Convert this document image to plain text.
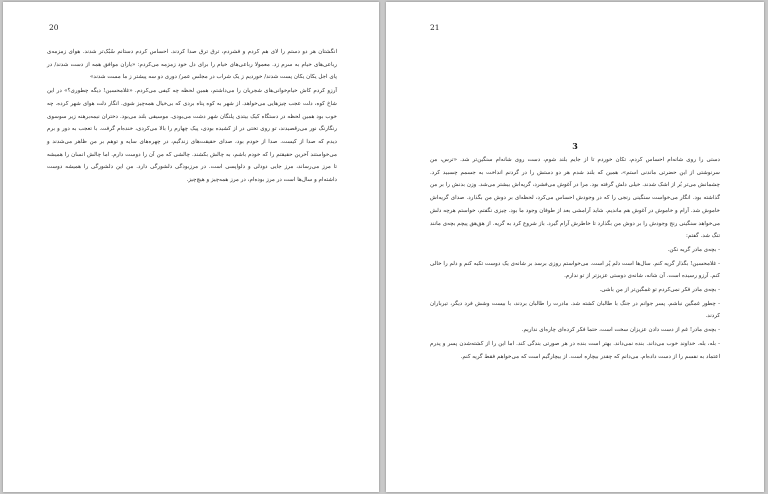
20

انگشتان هر دو دستم را لای هم کردم و فشردم، ترق ترق صدا کردند. احساس کردم دستانم سُبُک‌تر شدند. هوای زمزمه‌ی رباعی‌های خیام به سرم زد. معمولا رباعی‌های خیام را برای دل خود زمزمه می‌کردم: «یاران موافق همه از دست شدند/ در پای اجل یکان یکان پست شدند/ خوردیم ز یک شراب در مجلس عمر/ دوری دو سه پیشتر ز ما مست شدند»

آرزو کردم کاش خیام‌خوانی‌های شجریان را می‌داشتم، همین لحظه چه کیفی می‌کردم. «غلامحسین! دیگه چطوری؟» در این شاخ کوه، دلت عجب چیزهایی می‌خواهد. از شهر به کوه پناه بردی که بی‌خیال همه‌چیز شوی. انگار دلت هوای شهر کرده. چه خوب بود همین لحظه در دستگاه کیک بیتدی پلنگان شهر دشت می‌بودی. موسیقی بلند می‌بود. دختران نیمه‌برهنه زیر سوسوی رنگارنگ نور می‌رقصیدند، تو روی تختی در از کشیده بودی، پیک چهارم را بالا می‌کردی، خنده‌ام گرفت. با تعجب به دور و برم دیدم که صدا از کیست. صدا از خودم بود، صدای حقیقت‌های زندگیم، در چهره‌های سایه و توهم بر من ظاهر می‌شدند و می‌خواستند آخرین حقیقتم را که خودم باشم، به چالش بکشند. چالشی که من آن را دوست دارم. اما چالش انسان را همیشه تا مرز می‌رساند، مرز جایی دودلی و دلواپسی است. در مرزبودگی دلشورگی دارد. من این دلشورگی را همیشه دوست داشته‌ام و سال‌ها است در مرز بوده‌ام، در مرز همه‌چیز و هیچ‌چیز.

21
3

دستی را روی شانه‌ام احساس کردم، تکان خوردم تا از جایم بلند شوم، دست روی شانه‌ام سنگین‌تر شد. «ترس، من سرنوشتی از این حضرتی ماندنی استم»، همین که بلند شدم هر دو دستش را در گردنم انداخت به جسمم چسبید کرد. چشمانش می‌تر بُر از اشک شدند. خیلی دلش گرفته بود. مرا در آغوش می‌فشرد، گریه‌اش بیشتر می‌شد. وزن بدنش را بر من گذاشته بود. انگار می‌خواست سنگینی رنجی را که در وجودش احساس می‌کرد، لحظه‌ای بر دوش من بگذارد. صدای گریه‌اش خاموش شد. آرام و خاموش در آغوش هم ماندیم. شاید آرامشی بعد از طوفان وجود ما بود. چیزی نگفتم، خواستم هرچه دلش می‌خواهد سنگینی رنج وجودش را بر دوش من بگذارد تا خاطرش آرام گیرد. باز شروع کرد به گریه. از هق‌هق پیچم بچه‌ی مانند تنگ شد. گفتم:

- بچه‌ی مادر گریه نکن.

- غلامحسین! بگذار گریه کنم. سال‌ها است دلم پُر است. می‌خواستم روزی برسد بر شانه‌ی یک دوست تکیه کنم و دلم را خالی کنم. آرزو رسیده است. آن شانه، شانه‌ی دوستی عزیزتر از تو ندارم.

- بچه‌ی مادر فکر نمی‌کردم تو غمگین‌تر از من باشی.

- چطور غمگین نباشم. پسر جوانم در جنگ با طالبان کشته شد. مادرت را طالبان بردند، با بیست وشش فرد دیگر، تیرباران کردند.

- بچه‌ی مادر! غم از دست دادن عزیزان سخت است، حتما فکر کرده‌ای چاره‌ای نداریم.

- بله، بله. خداوند خوب می‌داند. بنده نمی‌داند. بهتر است بنده در هر صورتی بندگی کند. اما این را از کشته‌شدن پسر و پدرم اعتماد به نفسم را از دست داده‌ام. می‌دانم که چقدر بیچاره است. از بیچارگیم است که می‌خواهم فقط گریه کنم.
